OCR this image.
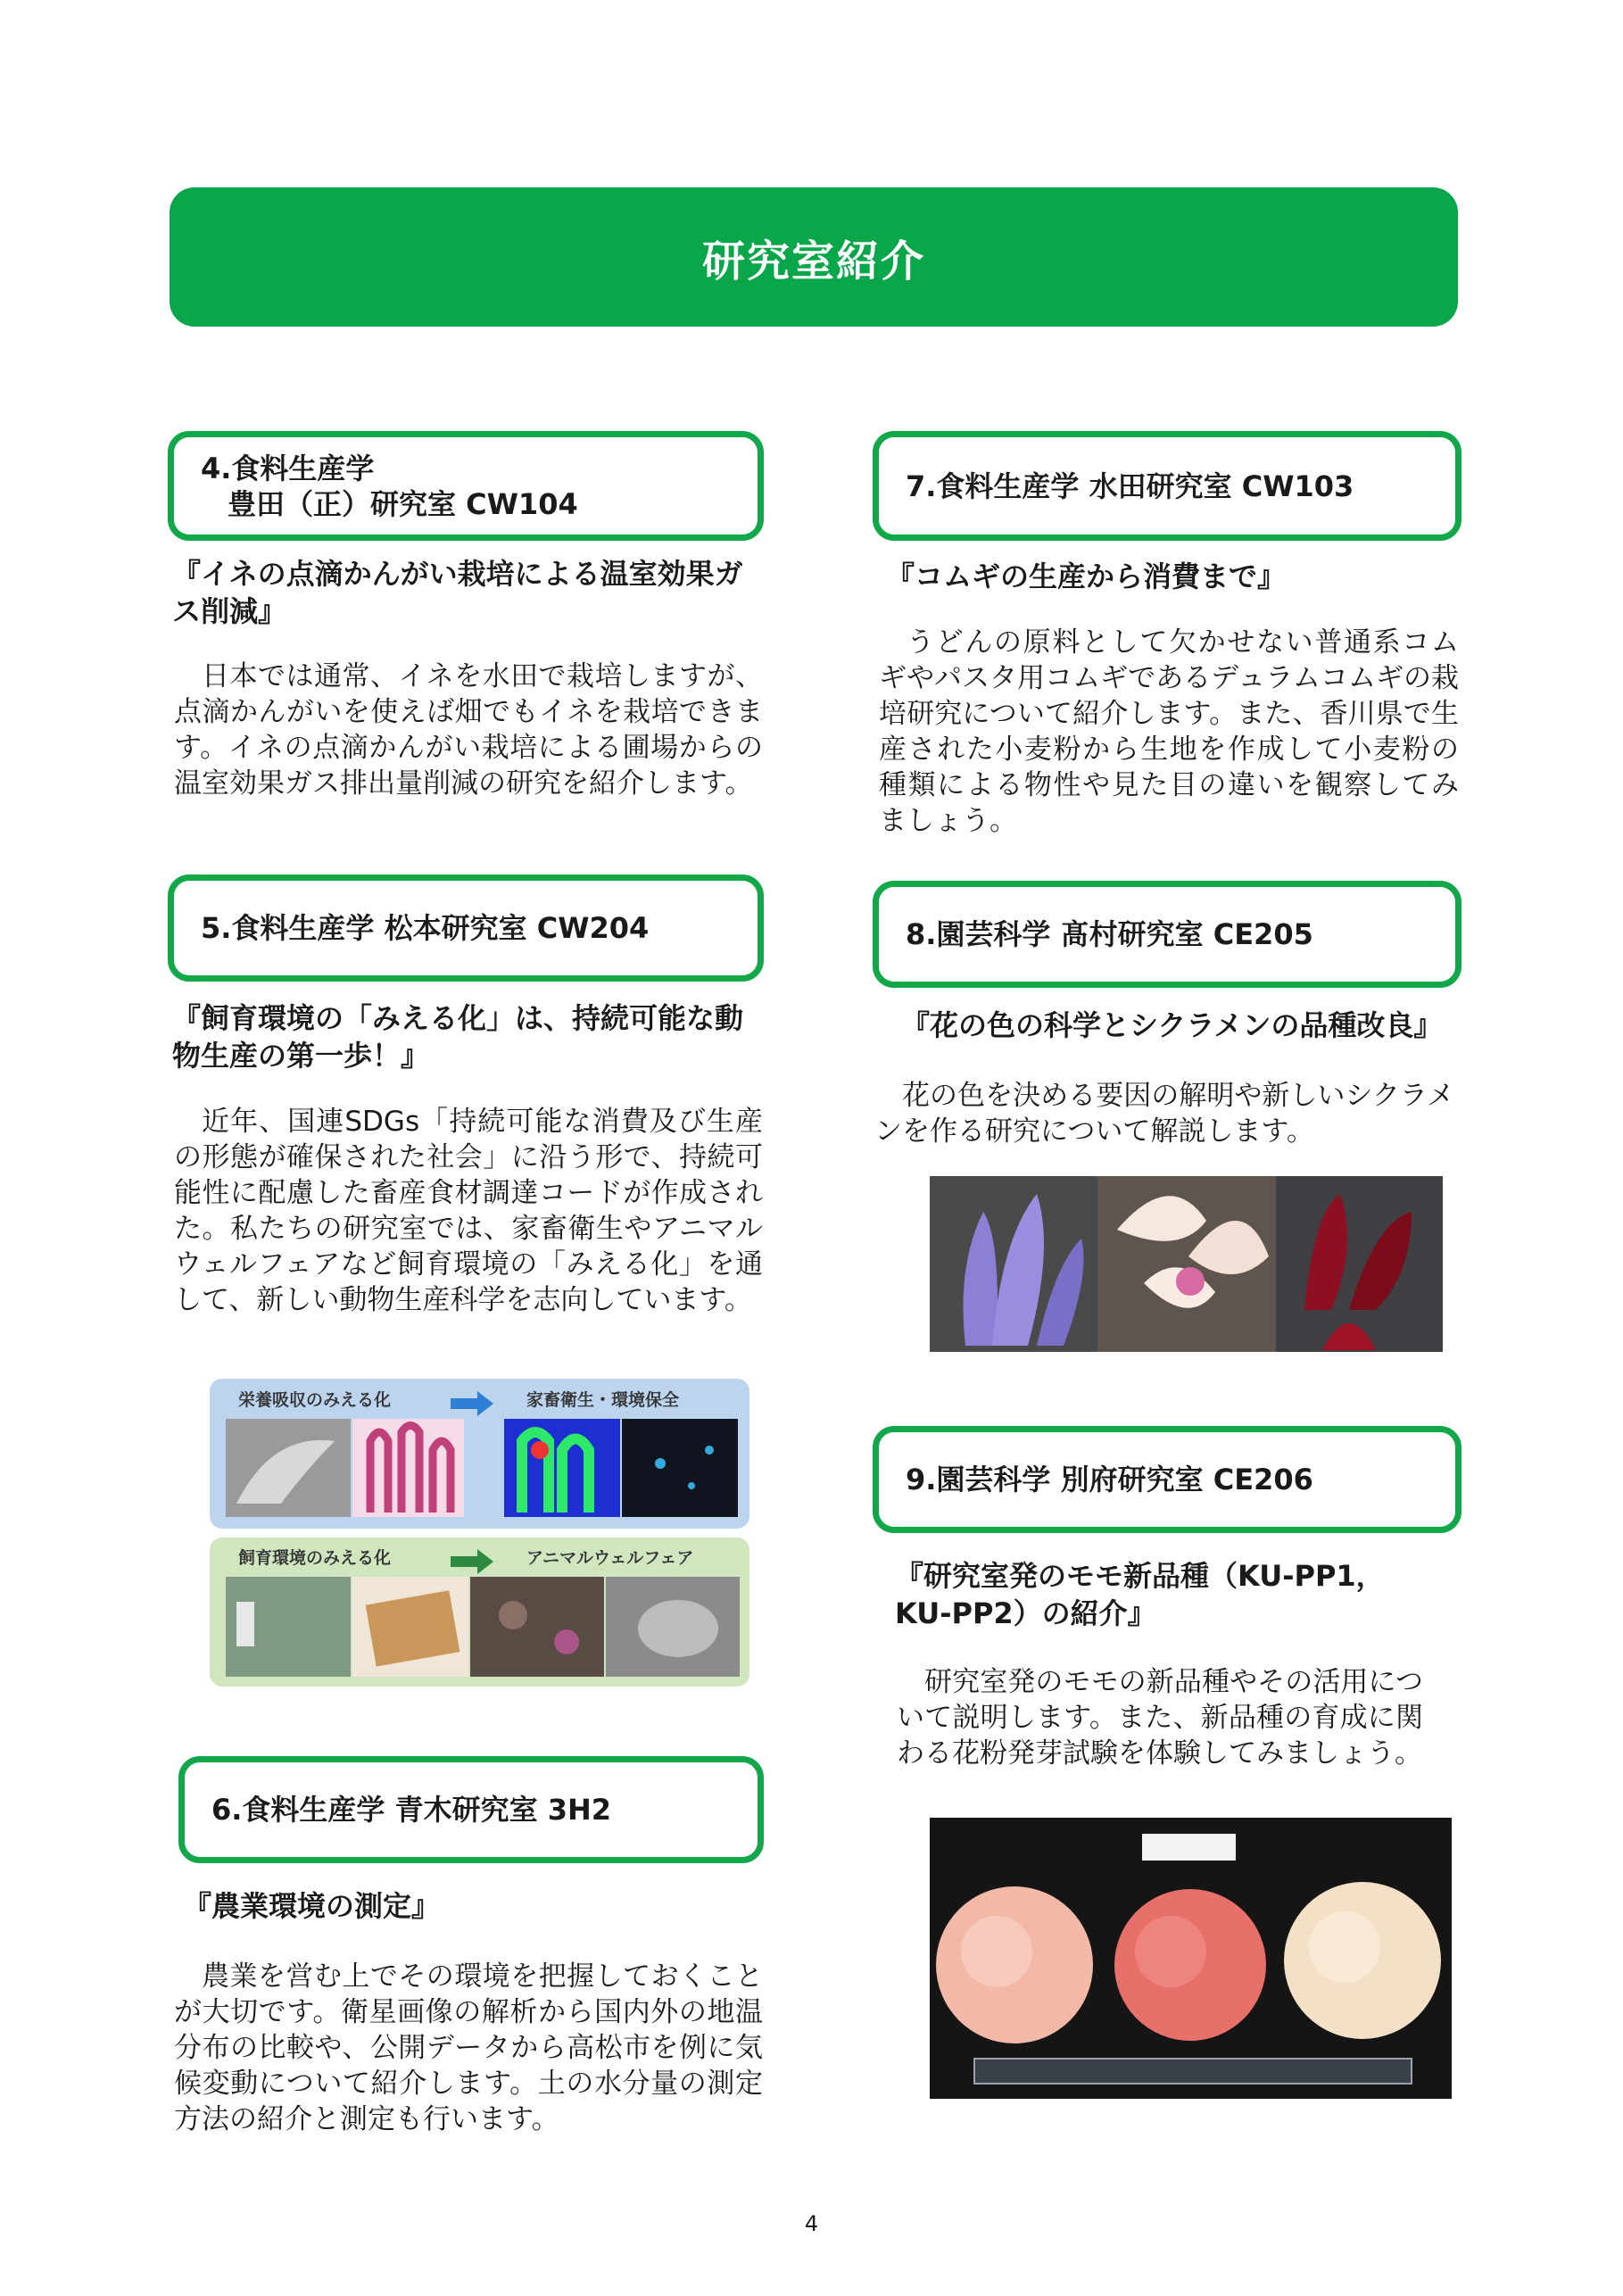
研究室紹介
4.食料生産学
豊田（正）研究室 CW104
『イネの点滴かんがい栽培による温室効果ガス削減』
日本では通常、イネを水田で栽培しますが、点滴かんがいを使えば畑でもイネを栽培できます。イネの点滴かんがい栽培による圃場からの温室効果ガス排出量削減の研究を紹介します。
5.食料生産学 松本研究室 CW204
『飼育環境の「みえる化」は、持続可能な動物生産の第一歩！』
近年、国連SDGs「持続可能な消費及び生産の形態が確保された社会」に沿う形で、持続可能性に配慮した畜産食材調達コードが作成された。私たちの研究室では、家畜衛生やアニマルウェルフェアなど飼育環境の「みえる化」を通して、新しい動物生産科学を志向しています。
栄養吸収のみえる化	家畜衛生・環境保全
飼育環境のみえる化	アニマルウェルフェア
6.食料生産学 青木研究室 3H2
『農業環境の測定』
農業を営む上でその環境を把握しておくことが大切です。衛星画像の解析から国内外の地温分布の比較や、公開データから高松市を例に気候変動について紹介します。土の水分量の測定方法の紹介と測定も行います。
7.食料生産学 水田研究室 CW103
『コムギの生産から消費まで』
うどんの原料として欠かせない普通系コムギやパスタ用コムギであるデュラムコムギの栽培研究について紹介します。また、香川県で生産された小麦粉から生地を作成して小麦粉の種類による物性や見た目の違いを観察してみましょう。
8.園芸科学 髙村研究室 CE205
『花の色の科学とシクラメンの品種改良』
花の色を決める要因の解明や新しいシクラメンを作る研究について解説します。
9.園芸科学 別府研究室 CE206
『研究室発のモモ新品種（KU-PP1，KU-PP2）の紹介』
研究室発のモモの新品種やその活用について説明します。また、新品種の育成に関わる花粉発芽試験を体験してみましょう。
4
